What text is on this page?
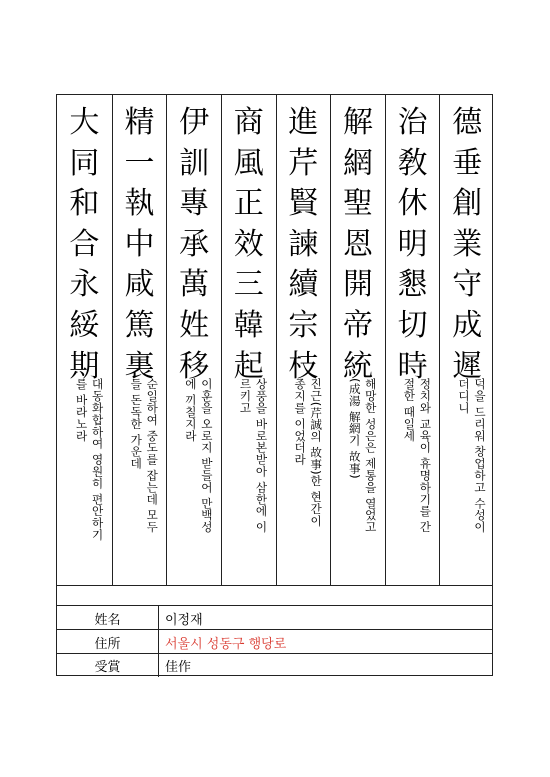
德
垂
創
業
守
成
遲
덕을 드리워 창업하고 수성이
더디니
治
敎
休
明
懇
切
時
정치와 교육이 휴명하기를 간
절한 때일세
解
網
聖
恩
開
帝
統
해망한 성은은 제통을 열었고
(成湯 解網기 故事)
進
芹
賢
諫
續
宗
枝
진근(芹誠의 故事)한 현간이
종지를 이었더라
商
風
正
效
三
韓
起
상풍을 바로본받아 삼한에 이
르키고
伊
訓
專
承
萬
姓
移
이훈을 오로지 받들어 만백성
에 끼칠지라
精
一
執
中
咸
篤
裏
순일하여 중도를 잡는데 모두
들 돈독한 가운데
大
同
和
合
永
綏
期
대동화합하여 영원히 편안하기
를 바라노라
姓名	이정재
住所	서울시 성동구 행당로
受賞	佳作
